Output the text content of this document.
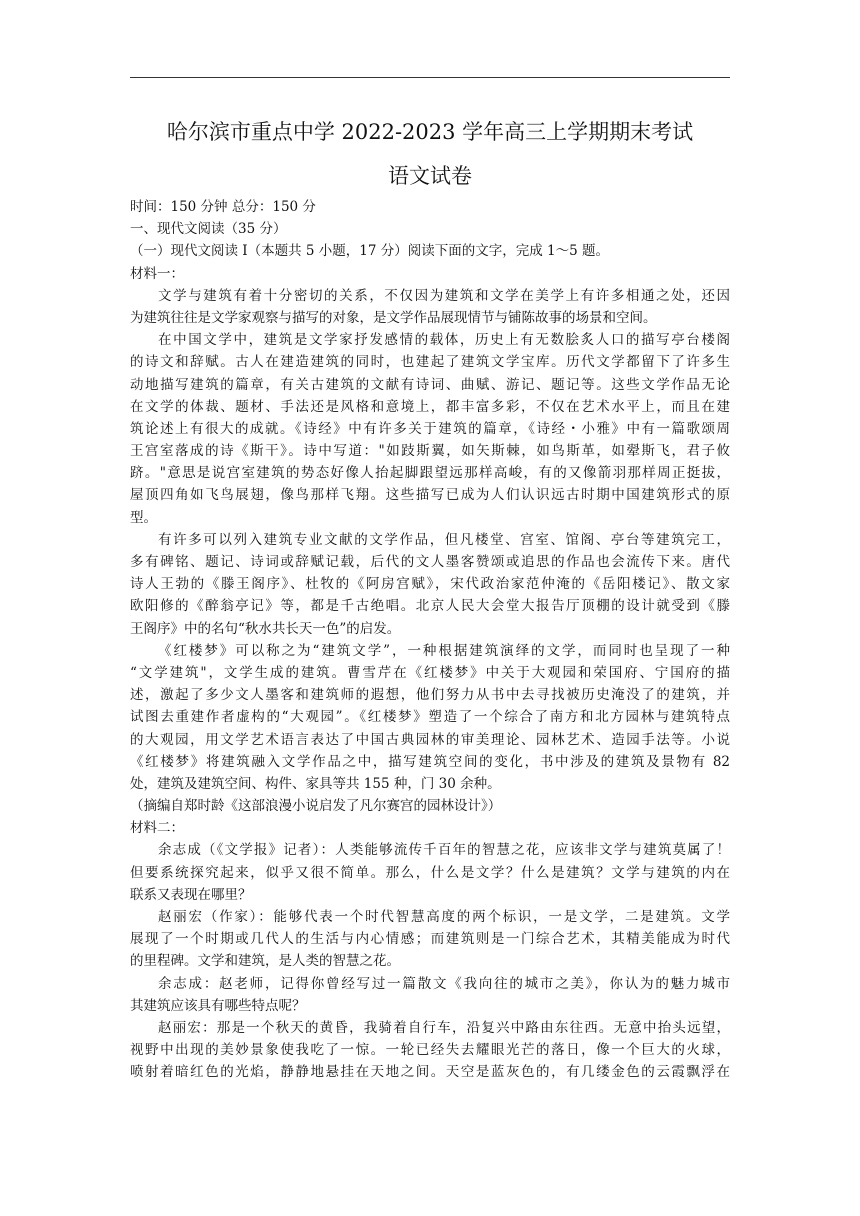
哈尔滨市重点中学 2022-2023 学年高三上学期期末考试
语文试卷
时间：150 分钟 总分：150 分
一、现代文阅读（35 分）
（一）现代文阅读 I（本题共 5 小题，17 分）阅读下面的文字，完成 1～5 题。
材料一：
文学与建筑有着十分密切的关系，不仅因为建筑和文学在美学上有许多相通之处，还因
为建筑往往是文学家观察与描写的对象，是文学作品展现情节与铺陈故事的场景和空间。
在中国文学中，建筑是文学家抒发感情的载体，历史上有无数脍炙人口的描写亭台楼阁
的诗文和辞赋。古人在建造建筑的同时，也建起了建筑文学宝库。历代文学都留下了许多生
动地描写建筑的篇章，有关古建筑的文献有诗词、曲赋、游记、题记等。这些文学作品无论
在文学的体裁、题材、手法还是风格和意境上，都丰富多彩，不仅在艺术水平上，而且在建
筑论述上有很大的成就。《诗经》中有许多关于建筑的篇章，《诗经・小雅》中有一篇歌颂周
王宫室落成的诗《斯干》。诗中写道："如跂斯翼，如矢斯棘，如鸟斯革，如翚斯飞，君子攸
跻。"意思是说宫室建筑的势态好像人抬起脚跟望远那样高峻，有的又像箭羽那样周正挺拔，
屋顶四角如飞鸟展翅，像鸟那样飞翔。这些描写已成为人们认识远古时期中国建筑形式的原
型。
有许多可以列入建筑专业文献的文学作品，但凡楼堂、宫室、馆阁、亭台等建筑完工，
多有碑铭、题记、诗词或辞赋记载，后代的文人墨客赞颂或追思的作品也会流传下来。唐代
诗人王勃的《滕王阁序》、杜牧的《阿房宫赋》，宋代政治家范仲淹的《岳阳楼记》、散文家
欧阳修的《醉翁亭记》等，都是千古绝唱。北京人民大会堂大报告厅顶棚的设计就受到《滕
王阁序》中的名句“秋水共长天一色”的启发。
《红楼梦》可以称之为“建筑文学”，一种根据建筑演绎的文学，而同时也呈现了一种
“文学建筑"，文学生成的建筑。曹雪芹在《红楼梦》中关于大观园和荣国府、宁国府的描
述，激起了多少文人墨客和建筑师的遐想，他们努力从书中去寻找被历史淹没了的建筑，并
试图去重建作者虚构的“大观园”。《红楼梦》塑造了一个综合了南方和北方园林与建筑特点
的大观园，用文学艺术语言表达了中国古典园林的审美理论、园林艺术、造园手法等。小说
《红楼梦》将建筑融入文学作品之中，描写建筑空间的变化，书中涉及的建筑及景物有 82
处，建筑及建筑空间、构件、家具等共 155 种，门 30 余种。
（摘编自郑时龄《这部浪漫小说启发了凡尔赛宫的园林设计》）
材料二：
余志成（《文学报》记者）：人类能够流传千百年的智慧之花，应该非文学与建筑莫属了！
但要系统探究起来，似乎又很不简单。那么，什么是文学？什么是建筑？文学与建筑的内在
联系又表现在哪里？
赵丽宏（作家）：能够代表一个时代智慧高度的两个标识，一是文学，二是建筑。文学
展现了一个时期或几代人的生活与内心情感；而建筑则是一门综合艺术，其精美能成为时代
的里程碑。文学和建筑，是人类的智慧之花。
余志成：赵老师，记得你曾经写过一篇散文《我向往的城市之美》，你认为的魅力城市
其建筑应该具有哪些特点呢？
赵丽宏：那是一个秋天的黄昏，我骑着自行车，沿复兴中路由东往西。无意中抬头远望，
视野中出现的美妙景象使我吃了一惊。一轮已经失去耀眼光芒的落日，像一个巨大的火球，
喷射着暗红色的光焰，静静地悬挂在天地之间。天空是蓝灰色的，有几缕金色的云霞飘浮在
